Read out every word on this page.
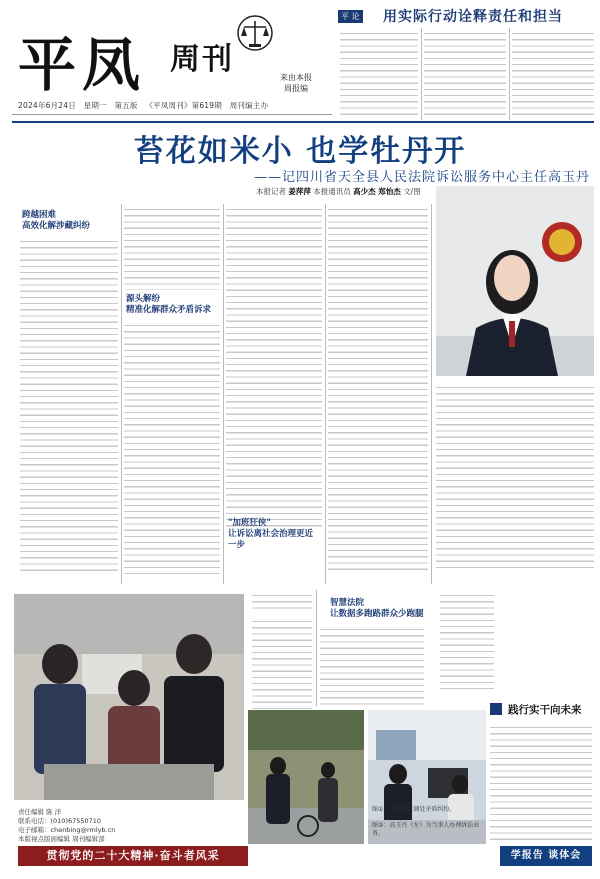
平凤 周刊
来由本报
周报编
2024年6月24日 星期一 第五版 《平凤周刊》第619期 周刊编主办
平 论 用实际行动诠释责任和担当
苔花如米小 也学牡丹开
——记四川省天全县人民法院诉讼服务中心主任高玉丹
本报记者 姜萍萍 本报通讯员 高少杰 郑怡杰 文/图
跨越困难
高效化解涉藏纠纷
源头解纷
精准化解群众矛盾诉求
"加班狂侠"
让诉讼离社会治理更近一步
智慧法院
让数据多跑路群众少跑腿
践行实干向未来
责任编辑 陈 洋
联系电话：(010)67550710
电子邮箱：chenbing@rmlyb.cn
本版视点版面编辑 周刊编辑部
图①：高玉丹在调处矛盾纠纷。
图②：高玉丹（左）为当事人办理诉讼业务。
贯彻党的二十大精神·奋斗者风采	学报告 谈体会
